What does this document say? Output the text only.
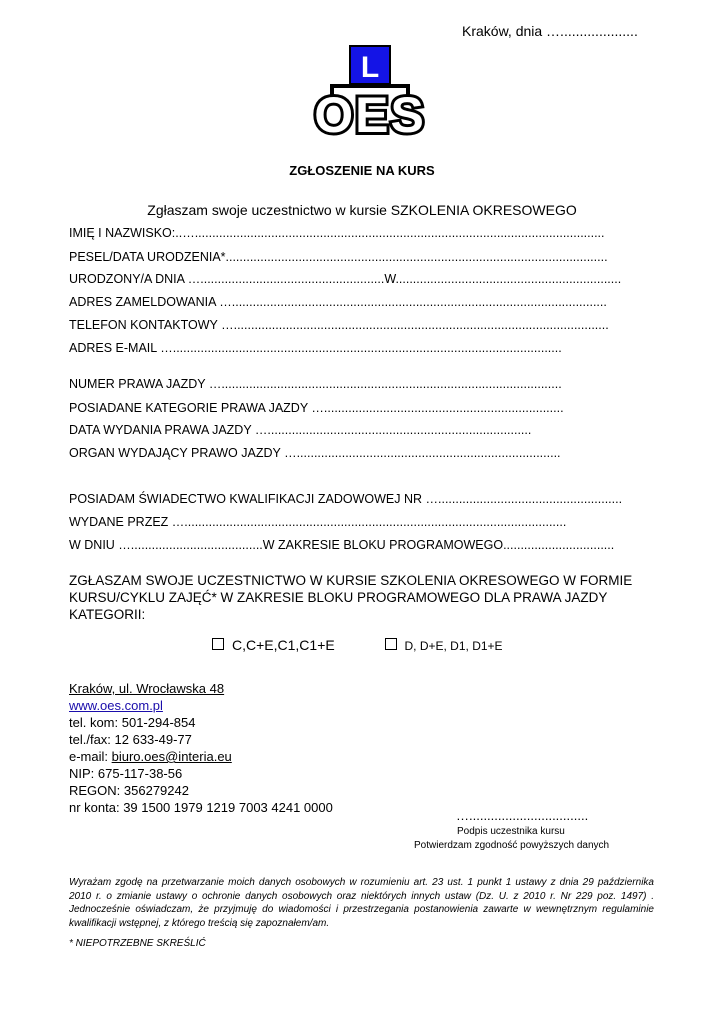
Kraków, dnia …....................
L
OES
ZGŁOSZENIE NA KURS
Zgłaszam swoje uczestnictwo w kursie SZKOLENIA OKRESOWEGO
IMIĘ I NAZWISKO:..…......................................................................................................................
PESEL/DATA URODZENIA*..............................................................................................................
URODZONY/A DNIA ….....................................................W.................................................................
ADRES ZAMELDOWANIA …............................................................................................................
TELEFON KONTAKTOWY …............................................................................................................
ADRES E-MAIL …................................................................................................................
NUMER PRAWA JAZDY …..................................................................................................
POSIADANE KATEGORIE PRAWA JAZDY ….....................................................................
DATA WYDANIA PRAWA JAZDY …............................................................................
ORGAN WYDAJĄCY PRAWO JAZDY …............................................................................
POSIADAM ŚWIADECTWO KWALIFIKACJI ZADOWOWEJ NR ….....................................................
WYDANE PRZEZ …..............................................................................................................
W DNIU …......................................W ZAKRESIE BLOKU PROGRAMOWEGO................................
ZGŁASZAM SWOJE UCZESTNICTWO W KURSIE SZKOLENIA OKRESOWEGO W FORMIE KURSU/CYKLU ZAJĘĆ* W ZAKRESIE BLOKU PROGRAMOWEGO DLA PRAWA JAZDY KATEGORII:
C,C+E,C1,C1+E	D, D+E, D1, D1+E
Kraków, ul. Wrocławska 48
www.oes.com.pl
tel. kom: 501-294-854
tel./fax: 12 633-49-77
e-mail: biuro.oes@interia.eu
NIP: 675-117-38-56
REGON: 356279242
nr konta: 39 1500 1979 1219 7003 4241 0000
….................................
Podpis uczestnika kursu
Potwierdzam zgodność powyższych danych
Wyrażam zgodę na przetwarzanie moich danych osobowych w rozumieniu art. 23 ust. 1 punkt 1 ustawy z dnia 29 października 2010 r. o zmianie ustawy o ochronie danych osobowych oraz niektórych innych ustaw (Dz. U. z 2010 r. Nr 229 poz. 1497) . Jednocześnie oświadczam, że przyjmuję do wiadomości i przestrzegania postanowienia zawarte w wewnętrznym regulaminie kwalifikacji wstępnej, z którego treścią się zapoznałem/am.
* NIEPOTRZEBNE SKREŚLIĆ
